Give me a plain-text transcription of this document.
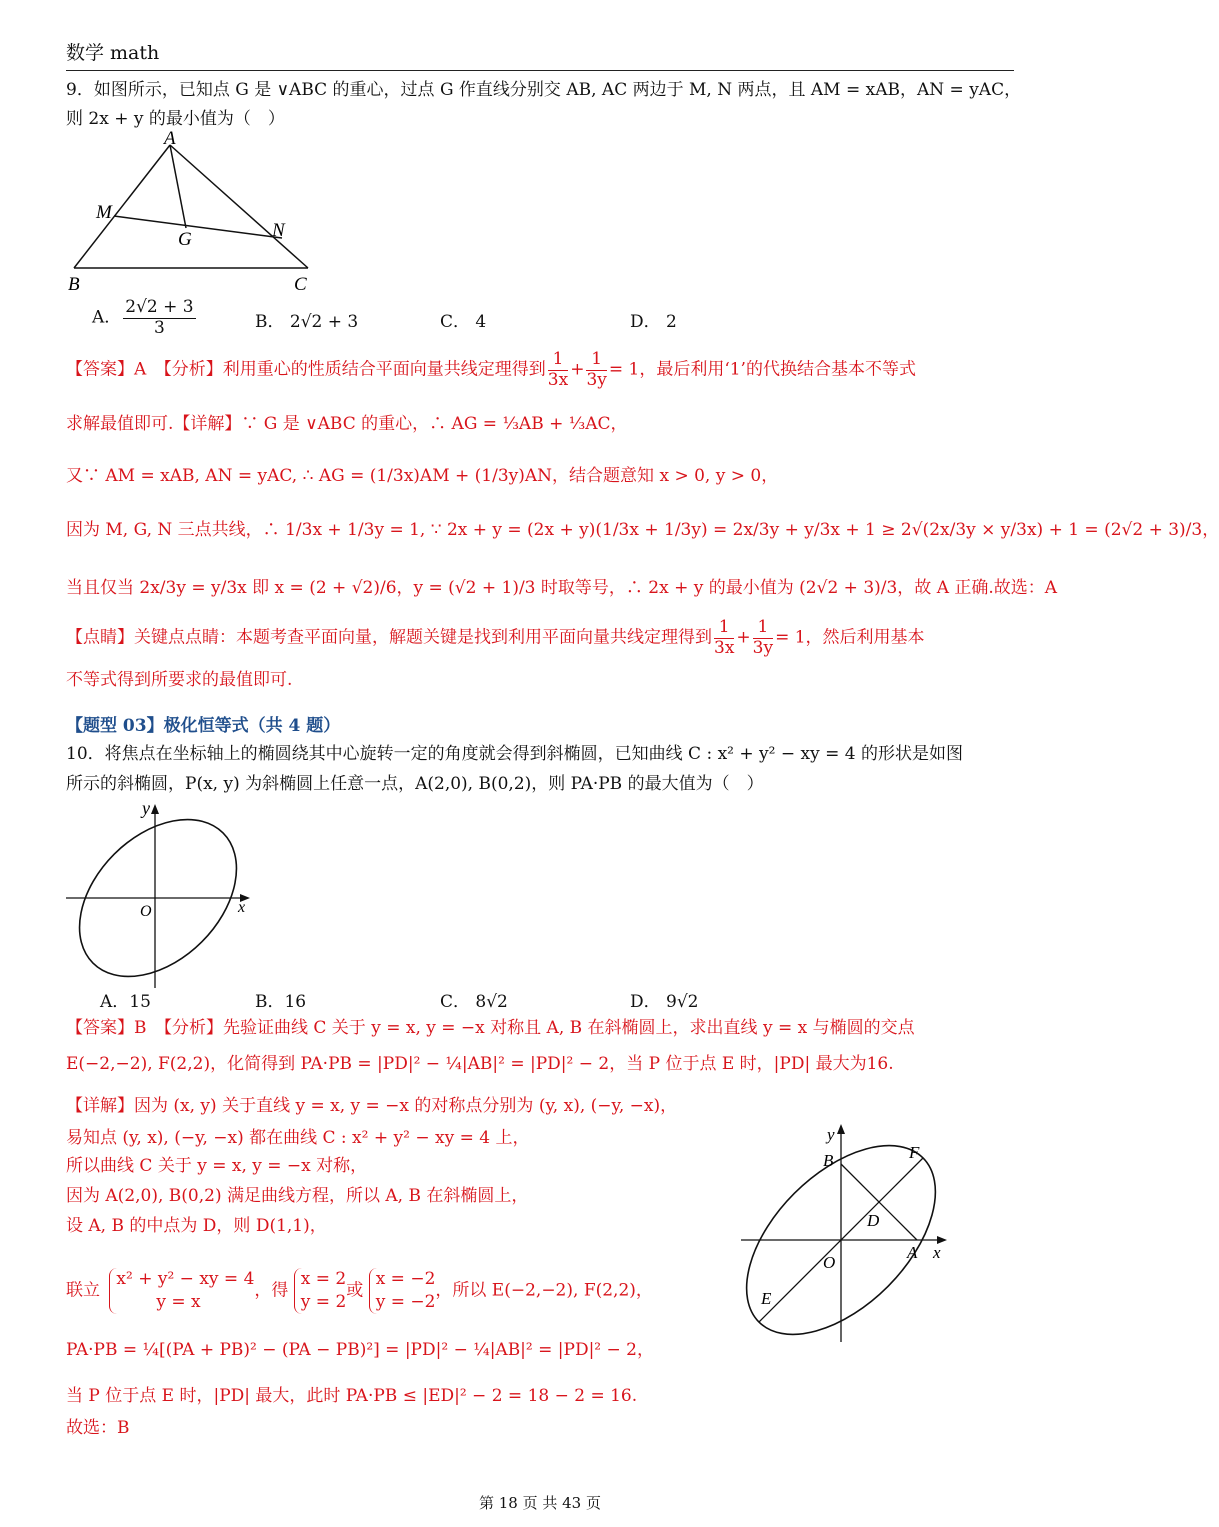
数学 math
9．如图所示，已知点 G 是 ∨ABC 的重心，过点 G 作直线分别交 AB, AC 两边于 M, N 两点，且 AM = xAB，AN = yAC，
则 2x + y 的最小值为（　）
A
M
G	N
B	C
A． $\frac{2√2 + 3}{3}$	B． 2√2 + 3	C． 4	D． 2
【答案】A　【分析】利用重心的性质结合平面向量共线定理得到 $\frac{1}{3x} + \frac{1}{3y} = 1$，最后利用‘1’的代换结合基本不等式
求解最值即可.【详解】∵ G 是 ∨ABC 的重心，∴ AG = ⅓AB + ⅓AC，
又∵ AM = xAB, AN = yAC, ∴ AG = (1/3x)AM + (1/3y)AN，结合题意知 x > 0, y > 0，
因为 M, G, N 三点共线，∴ 1/3x + 1/3y = 1, ∵ 2x + y = (2x + y)(1/3x + 1/3y) = 2x/3y + y/3x + 1 ≥ 2√(2x/3y × y/3x) + 1 = (2√2 + 3)/3，
当且仅当 2x/3y = y/3x 即 x = (2 + √2)/6，y = (√2 + 1)/3 时取等号，∴ 2x + y 的最小值为 (2√2 + 3)/3，故 A 正确.故选：A
【点睛】关键点点睛：本题考查平面向量，解题关键是找到利用平面向量共线定理得到 $\frac{1}{3x} + \frac{1}{3y} = 1$，然后利用基本
不等式得到所要求的最值即可.
【题型 03】极化恒等式（共 4 题）
10．将焦点在坐标轴上的椭圆绕其中心旋转一定的角度就会得到斜椭圆，已知曲线 C : x² + y² − xy = 4 的形状是如图
所示的斜椭圆，P(x, y) 为斜椭圆上任意一点，A(2,0), B(0,2)，则 PA·PB 的最大值为（　）
y
O	x
A．15	B．16	C． 8√2	D． 9√2
【答案】B　【分析】先验证曲线 C 关于 y = x, y = −x 对称且 A, B 在斜椭圆上，求出直线 y = x 与椭圆的交点
E(−2,−2), F(2,2)，化简得到 PA·PB = |PD|² − ¼|AB|² = |PD|² − 2，当 P 位于点 E 时，|PD| 最大为16.
【详解】因为 (x, y) 关于直线 y = x, y = −x 的对称点分别为 (y, x), (−y, −x)，
易知点 (y, x), (−y, −x) 都在曲线 C : x² + y² − xy = 4 上，
所以曲线 C 关于 y = x, y = −x 对称，
因为 A(2,0), B(0,2) 满足曲线方程，所以 A, B 在斜椭圆上，
设 A, B 的中点为 D，则 D(1,1)，
联立
x² + y² − xy = 4
y = x
，得
x = 2
y = 2
或
x = −2
y = −2
，所以 E(−2,−2), F(2,2)，
PA·PB = ¼[(PA + PB)² − (PA − PB)²] = |PD|² − ¼|AB|² = |PD|² − 2，
当 P 位于点 E 时，|PD| 最大，此时 PA·PB ≤ |ED|² − 2 = 18 − 2 = 16.
故选：B
y
B	F
D
A x
O
E
第 18 页 共 43 页
